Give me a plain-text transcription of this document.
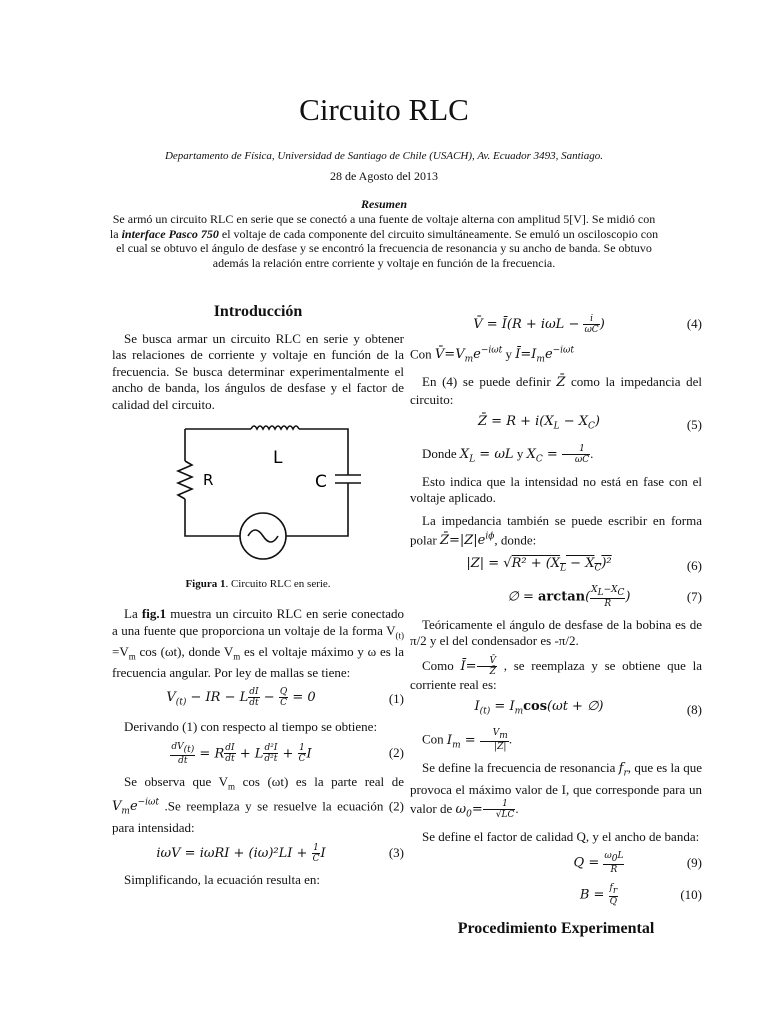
Circuito RLC
Departamento de Física, Universidad de Santiago de Chile (USACH), Av. Ecuador 3493, Santiago.
28 de Agosto del 2013
Resumen
Se armó un circuito RLC en serie que se conectó a una fuente de voltaje alterna con amplitud 5[V]. Se midió con la interface Pasco 750 el voltaje de cada componente del circuito simultáneamente. Se emuló un osciloscopio con el cual se obtuvo el ángulo de desfase y se encontró la frecuencia de resonancia y su ancho de banda. Se obtuvo además la relación entre corriente y voltaje en función de la frecuencia.
Introducción
Se busca armar un circuito RLC en serie y obtener las relaciones de corriente y voltaje en función de la frecuencia. Se busca determinar experimentalmente el ancho de banda, los ángulos de desfase y el factor de calidad del circuito.
L
R	C
Figura 1. Circuito RLC en serie.
La fig.1 muestra un circuito RLC en serie conectado a una fuente que proporciona un voltaje de la forma $V_{(t)} =V_m$ cos (ωt), donde $V_m$ es el voltaje máximo y ω es la frecuencia angular. Por ley de mallas se tiene:
$V_{(t)}$ − IR − L $\frac{dI}{dt} - \frac{Q}{C} = 0$	(1)
Derivando (1) con respecto al tiempo se obtiene:
$\frac{dV(t)}{dt} = R \frac{dI}{dt} + L \frac{\text{d²I}}{\text{d²t}} + \frac{1}{C}$ I	(2)
Se observa que $V_m$ cos (ωt) es la parte real de $V_me^{-i\omega t}$ .Se reemplaza y se resuelve la ecuación (2) para intensidad:
$i\omega V = i\omega RI + (i\omega)^2LI + \frac{1}{C}$ I	(3)
Simplificando, la ecuación resulta en:
V̄ = Ī(R + $i\omega L - \frac{i}{\omega C}$ )	(4)
Con $V̄=V_me^{-i\omega t}$ y $Ī=I_me^{-i\omega t}$
En (4) se puede definir Z̄ como la impedancia del circuito:
Z̄ = $R + i(X_L - X_C)$	(5)
Donde $X_L = \omega L$ y $X_C = \frac{1}{\omega C}$ .
Esto indica que la intensidad no está en fase con el voltaje aplicado.
La impedancia también se puede escribir en forma polar $Z̄=|Z|e^{i\phi}$, donde:
$|Z| = √R^2 + (X_L - X_C)^2$	(6)
∅ = $\arctan( \frac{XL-XC}{R}$ )	(7)
Teóricamente el ángulo de desfase de la bobina es de π/2 y el del condensador es -π/2.
Como Ī= $\frac{V̄}{Z̄}$ , se reemplaza y se obtiene que la corriente real es:
$I_{(t)} = I_m\cos(\omega t$ + ∅)	(8)
Con $I_m = \frac{Vm}{|Z|}$ .
Se define la frecuencia de resonancia $f_r$, que es la que provoca el máximo valor de I, que corresponde para un valor de $\omega_0= \frac{1}{√LC}$ .
Se define el factor de calidad Q, y el ancho de banda:
$Q = \frac{\omega 0L}{R}$	(9)
$B = \frac{fr}{Q}$	(10)
Procedimiento Experimental
